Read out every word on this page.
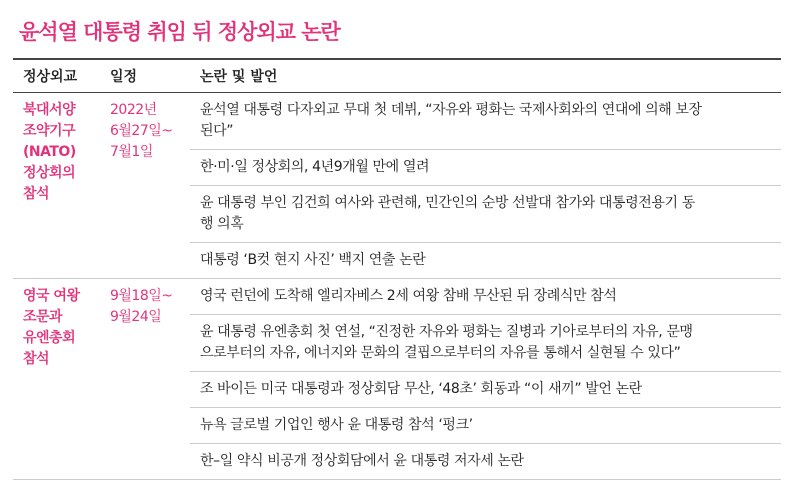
윤석열 대통령 취임 뒤 정상외교 논란
정상외교	일정	논란 및 발언
북대서양
조약기구
(NATO)
정상회의
참석
2022년
6월27일~
7월1일
윤석열 대통령 다자외교 무대 첫 데뷔, “자유와 평화는 국제사회와의 연대에 의해 보장
된다”
한·미·일 정상회의, 4년9개월 만에 열려
윤 대통령 부인 김건희 여사와 관련해, 민간인의 순방 선발대 참가와 대통령전용기 동
행 의혹
대통령 ‘B컷 현지 사진’ 백지 연출 논란
영국 여왕
조문과
유엔총회
참석
9월18일~
9월24일
영국 런던에 도착해 엘리자베스 2세 여왕 참배 무산된 뒤 장례식만 참석
윤 대통령 유엔총회 첫 연설, “진정한 자유와 평화는 질병과 기아로부터의 자유, 문맹
으로부터의 자유, 에너지와 문화의 결핍으로부터의 자유를 통해서 실현될 수 있다”
조 바이든 미국 대통령과 정상회담 무산, ‘48초’ 회동과 “이 새끼” 발언 논란
뉴욕 글로벌 기업인 행사 윤 대통령 참석 ‘펑크’
한–일 약식 비공개 정상회담에서 윤 대통령 저자세 논란
